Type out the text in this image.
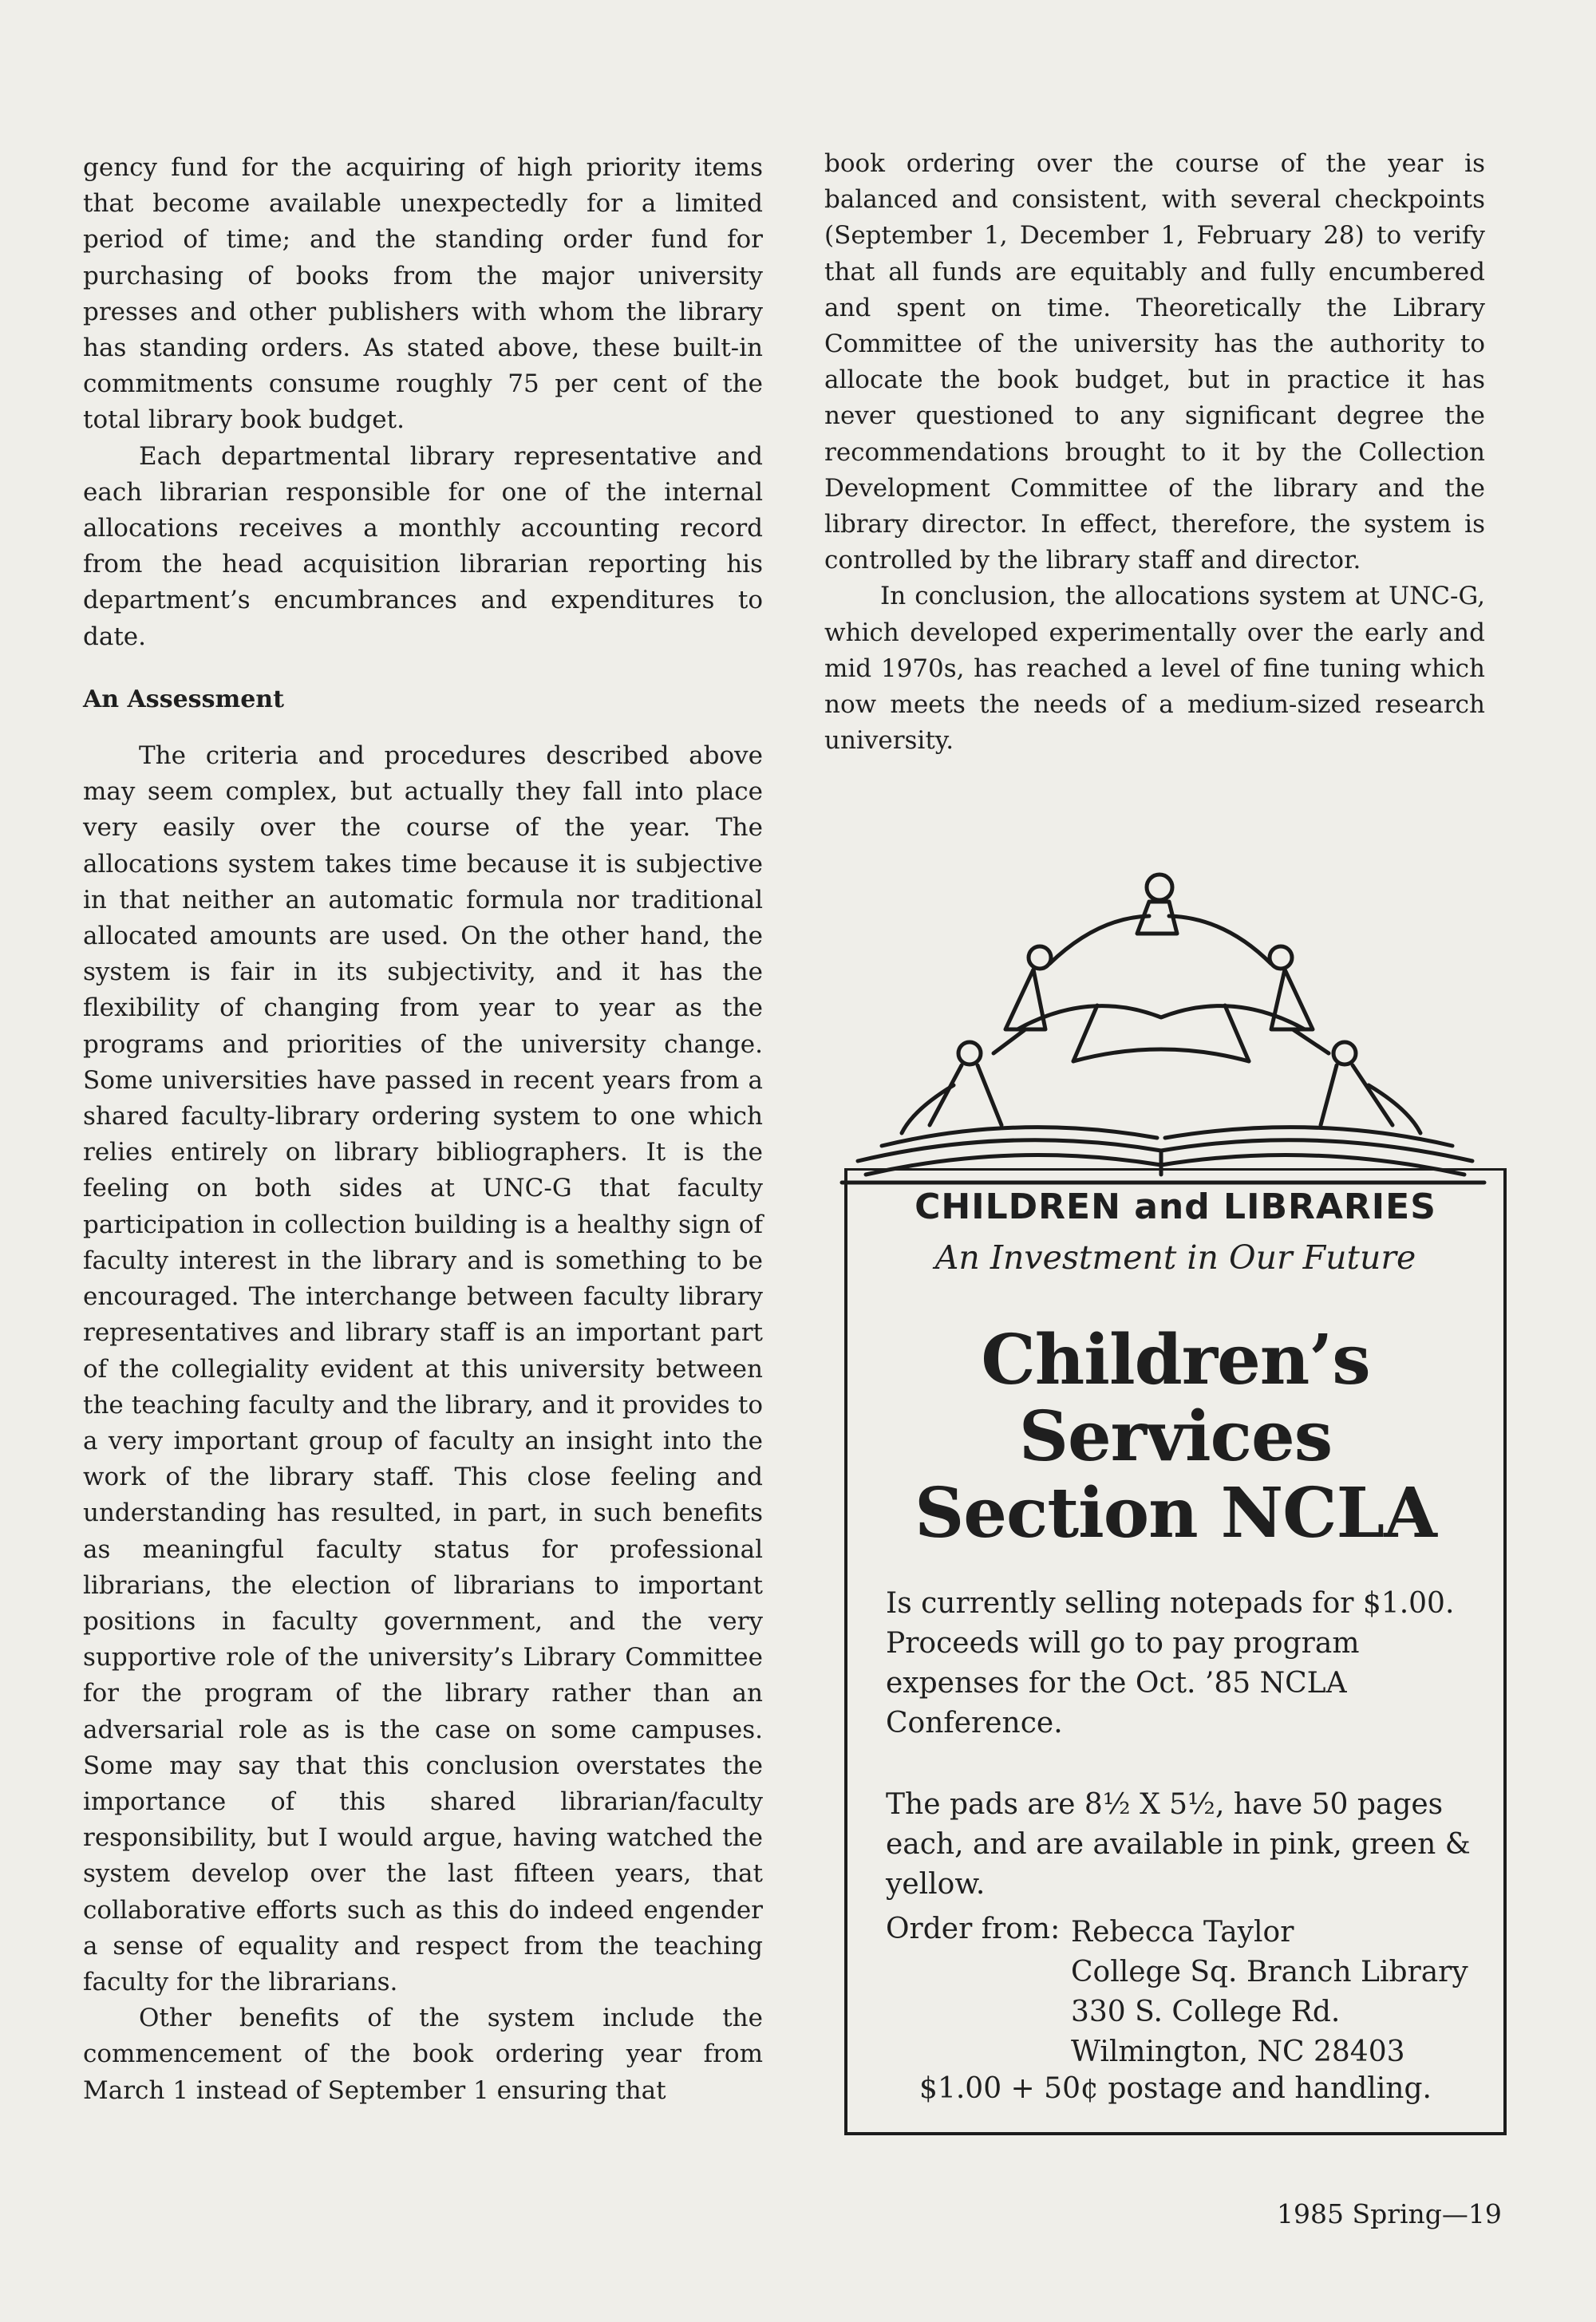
gency fund for the acquiring of high priority items that become available unexpectedly for a limited period of time; and the standing order fund for purchasing of books from the major university presses and other publishers with whom the library has standing orders. As stated above, these built-in commitments consume roughly 75 per cent of the total library book budget.

Each departmental library representative and each librarian responsible for one of the internal allocations receives a monthly accounting record from the head acquisition librarian reporting his department’s encumbrances and expenditures to date.

An Assessment

The criteria and procedures described above may seem complex, but actually they fall into place very easily over the course of the year. The allocations system takes time because it is subjective in that neither an automatic formula nor traditional allocated amounts are used. On the other hand, the system is fair in its subjectivity, and it has the flexibility of changing from year to year as the programs and priorities of the university change. Some universities have passed in recent years from a shared faculty-library ordering system to one which relies entirely on library bibliographers. It is the feeling on both sides at UNC-G that faculty participation in collection building is a healthy sign of faculty interest in the library and is something to be encouraged. The interchange between faculty library representatives and library staff is an important part of the collegiality evident at this university between the teaching faculty and the library, and it provides to a very important group of faculty an insight into the work of the library staff. This close feeling and understanding has resulted, in part, in such benefits as meaningful faculty status for professional librarians, the election of librarians to important positions in faculty government, and the very supportive role of the university’s Library Committee for the program of the library rather than an adversarial role as is the case on some campuses. Some may say that this conclusion overstates the importance of this shared librarian/faculty responsibility, but I would argue, having watched the system develop over the last fifteen years, that collaborative efforts such as this do indeed engender a sense of equality and respect from the teaching faculty for the librarians.

Other benefits of the system include the commencement of the book ordering year from March 1 instead of September 1 ensuring that

book ordering over the course of the year is balanced and consistent, with several checkpoints (September 1, December 1, February 28) to verify that all funds are equitably and fully encumbered and spent on time. Theoretically the Library Committee of the university has the authority to allocate the book budget, but in practice it has never questioned to any significant degree the recommendations brought to it by the Collection Development Committee of the library and the library director. In effect, therefore, the system is controlled by the library staff and director.

In conclusion, the allocations system at UNC-G, which developed experimentally over the early and mid 1970s, has reached a level of fine tuning which now meets the needs of a medium-sized research university.

CHILDREN and LIBRARIES
An Investment in Our Future
Children’s
Services
Section NCLA
Is currently selling notepads for $1.00. Proceeds will go to pay program expenses for the Oct. ’85 NCLA Conference.
The pads are 8½ X 5½, have 50 pages each, and are available in pink, green & yellow.
Order from: Rebecca Taylor
College Sq. Branch Library
330 S. College Rd.
Wilmington, NC 28403
$1.00 + 50¢ postage and handling.
1985 Spring—19
